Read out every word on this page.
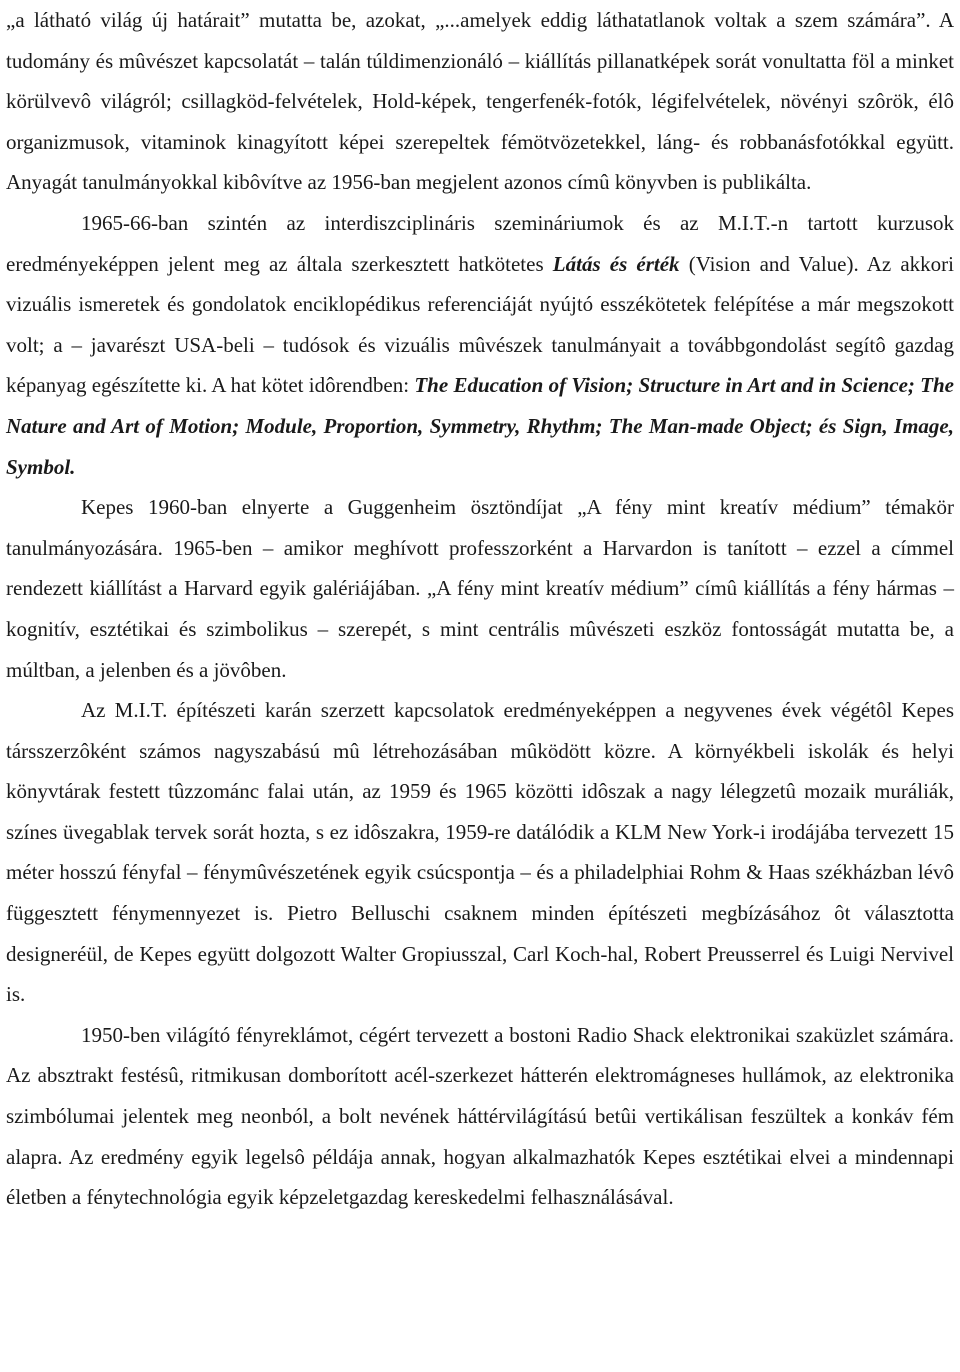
„a látható világ új határait” mutatta be, azokat, „...amelyek eddig láthatatlanok voltak a szem számára”. A tudomány és mûvészet kapcsolatát – talán túldimenzionáló – kiállítás pillanatképek sorát vonultatta föl a minket körülvevô világról; csillagköd-felvételek, Hold-képek, tengerfenék-fotók, légifelvételek, növényi szôrök, élô organizmusok, vitaminok kinagyított képei szerepeltek fémötvözetekkel, láng- és robbanásfotókkal együtt. Anyagát tanulmányokkal kibôvítve az 1956-ban megjelent azonos címû könyvben is publikálta.

1965-66-ban szintén az interdiszciplináris szemináriumok és az M.I.T.-n tartott kurzusok eredményeképpen jelent meg az általa szerkesztett hatkötetes Látás és érték (Vision and Value). Az akkori vizuális ismeretek és gondolatok enciklopédikus referenciáját nyújtó esszékötetek felépítése a már megszokott volt; a – javarészt USA-beli – tudósok és vizuális mûvészek tanulmányait a továbbgondolást segítô gazdag képanyag egészítette ki. A hat kötet idôrendben: The Education of Vision; Structure in Art and in Science; The Nature and Art of Motion; Module, Proportion, Symmetry, Rhythm; The Man-made Object; és Sign, Image, Symbol.

Kepes 1960-ban elnyerte a Guggenheim ösztöndíjat „A fény mint kreatív médium” témakör tanulmányozására. 1965-ben – amikor meghívott professzorként a Harvardon is tanított – ezzel a címmel rendezett kiállítást a Harvard egyik galériájában. „A fény mint kreatív médium” címû kiállítás a fény hármas – kognitív, esztétikai és szimbolikus – szerepét, s mint centrális mûvészeti eszköz fontosságát mutatta be, a múltban, a jelenben és a jövôben.

Az M.I.T. építészeti karán szerzett kapcsolatok eredményeképpen a negyvenes évek végétôl Kepes társszerzôként számos nagyszabású mû létrehozásában mûködött közre. A környékbeli iskolák és helyi könyvtárak festett tûzzománc falai után, az 1959 és 1965 közötti idôszak a nagy lélegzetû mozaik muráliák, színes üvegablak tervek sorát hozta, s ez idôszakra, 1959-re datálódik a KLM New York-i irodájába tervezett 15 méter hosszú fényfal – fénymûvészetének egyik csúcspontja – és a philadelphiai Rohm & Haas székházban lévô függesztett fénymennyezet is. Pietro Belluschi csaknem minden építészeti megbízásához ôt választotta designeréül, de Kepes együtt dolgozott Walter Gropiusszal, Carl Koch-hal, Robert Preusserrel és Luigi Nervivel is.

1950-ben világító fényreklámot, cégért tervezett a bostoni Radio Shack elektronikai szaküzlet számára. Az absztrakt festésû, ritmikusan domborított acél-szerkezet hátterén elektromágneses hullámok, az elektronika szimbólumai jelentek meg neonból, a bolt nevének háttérvilágítású betûi vertikálisan feszültek a konkáv fém alapra. Az eredmény egyik legelsô példája annak, hogyan alkalmazhatók Kepes esztétikai elvei a mindennapi életben a fénytechnológia egyik képzeletgazdag kereskedelmi felhasználásával.
